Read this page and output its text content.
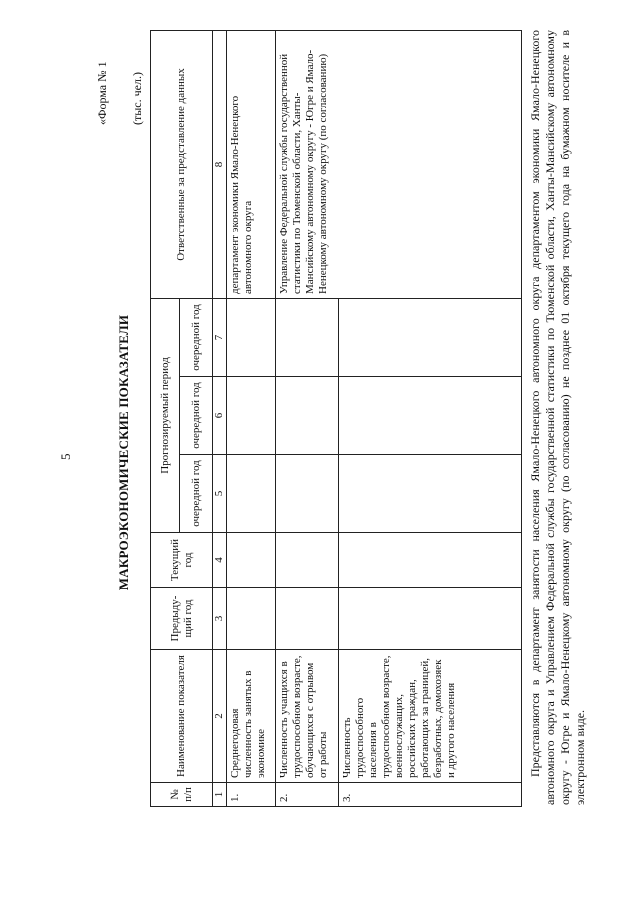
5
«Форма № 1
МАКРОЭКОНОМИЧЕСКИЕ ПОКАЗАТЕЛИ
(тыс. чел.)
№ п/п	Наименование показателя	Предыду-щий год	Текущий год	Прогнозируемый период			Ответственные за представление данных
				очередной год	очередной год	очередной год	
1	2	3	4	5	6	7	8
1.	Среднегодовая численность занятых в экономике						департамент экономики Ямало-Ненецкого автономного округа
2.	Численность учащихся в трудоспособном возрасте, обучающихся с отрывом от работы						Управление Федеральной службы государственной статистики по Тюменской области, Ханты-Мансийскому автономному округу - Югре и Ямало-Ненецкому автономному округу (по согласованию)
3.	Численность трудоспособного населения в трудоспособном возрасте, военнослужащих, российских граждан, работающих за границей, безработных, домохозяек и другого населения							Представляются в департамент занятости населения Ямало-Ненецкого автономного округа департаментом экономики Ямало-Ненецкого автономного округа и Управлением Федеральной службы государственной статистики по Тюменской области, Ханты-Мансийскому автономному округу - Югре и Ямало-Ненецкому автономному округу (по согласованию) не позднее 01 октября текущего года на бумажном носителе и в электронном виде.
